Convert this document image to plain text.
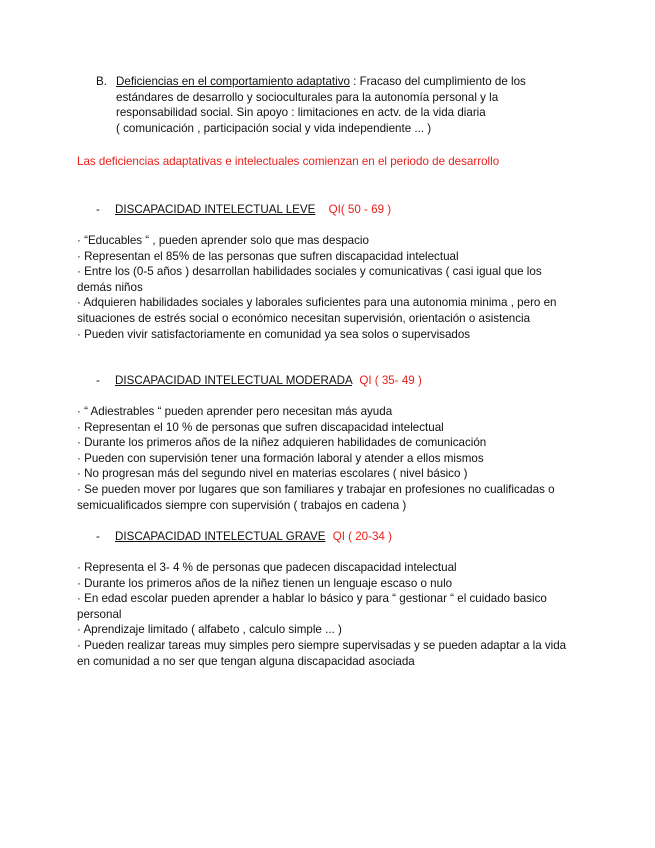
B. Deficiencias en el comportamiento adaptativo : Fracaso del cumplimiento de los
estándares de desarrollo y socioculturales para la autonomía personal y la
responsabilidad social. Sin apoyo : limitaciones en actv. de la vida diaria
( comunicación , participación social y vida independiente ... )
Las deficiencias adaptativas e intelectuales comienzan en el periodo de desarrollo
- DISCAPACIDAD INTELECTUAL LEVE QI( 50 - 69 )
· “Educables “ , pueden aprender solo que mas despacio
· Representan el 85% de las personas que sufren discapacidad intelectual
· Entre los (0-5 años ) desarrollan habilidades sociales y comunicativas ( casi igual que los
demás niños
· Adquieren habilidades sociales y laborales suficientes para una autonomia minima , pero en
situaciones de estrés social o económico necesitan supervisión, orientación o asistencia
· Pueden vivir satisfactoriamente en comunidad ya sea solos o supervisados
- DISCAPACIDAD INTELECTUAL MODERADA QI ( 35- 49 )
· “ Adiestrables “ pueden aprender pero necesitan más ayuda
· Representan el 10 % de personas que sufren discapacidad intelectual
· Durante los primeros años de la niñez adquieren habilidades de comunicación
· Pueden con supervisión tener una formación laboral y atender a ellos mismos
· No progresan más del segundo nivel en materias escolares ( nivel básico )
· Se pueden mover por lugares que son familiares y trabajar en profesiones no cualificadas o
semicualificados siempre con supervisión ( trabajos en cadena )
- DISCAPACIDAD INTELECTUAL GRAVE QI ( 20-34 )
· Representa el 3- 4 % de personas que padecen discapacidad intelectual
· Durante los primeros años de la niñez tienen un lenguaje escaso o nulo
· En edad escolar pueden aprender a hablar lo básico y para “ gestionar “ el cuidado basico
personal
· Aprendizaje limitado ( alfabeto , calculo simple ... )
· Pueden realizar tareas muy simples pero siempre supervisadas y se pueden adaptar a la vida
en comunidad a no ser que tengan alguna discapacidad asociada
